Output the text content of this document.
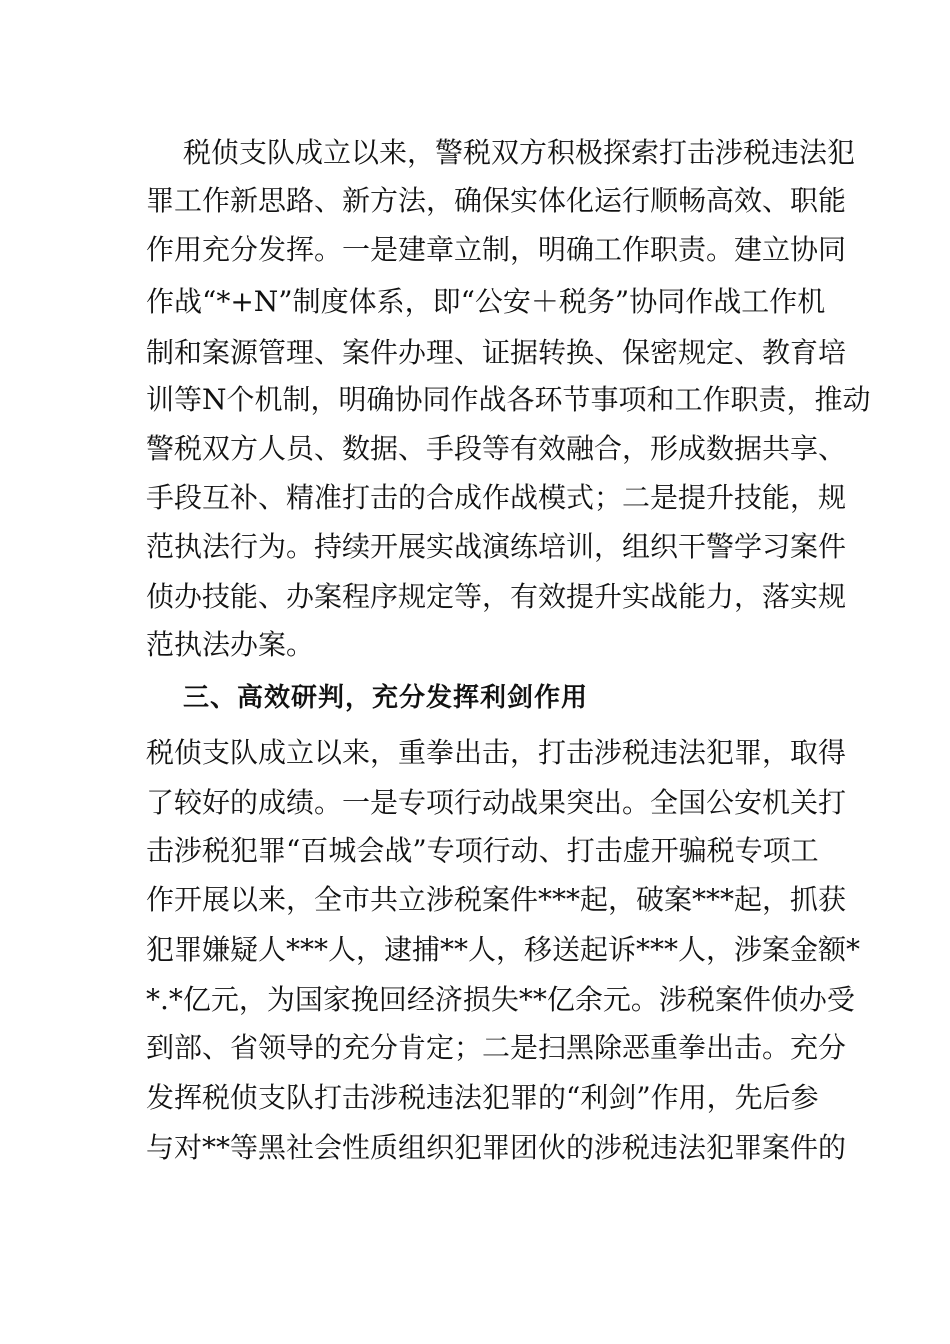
税侦支队成立以来，警税双方积极探索打击涉税违法犯
罪工作新思路、新方法，确保实体化运行顺畅高效、职能
作用充分发挥。一是建章立制，明确工作职责。建立协同
作战“*+N”制度体系，即“公安＋税务”协同作战工作机
制和案源管理、案件办理、证据转换、保密规定、教育培
训等N个机制，明确协同作战各环节事项和工作职责，推动
警税双方人员、数据、手段等有效融合，形成数据共享、
手段互补、精准打击的合成作战模式；二是提升技能，规
范执法行为。持续开展实战演练培训，组织干警学习案件
侦办技能、办案程序规定等，有效提升实战能力，落实规
范执法办案。
三、高效研判，充分发挥利剑作用
税侦支队成立以来，重拳出击，打击涉税违法犯罪，取得
了较好的成绩。一是专项行动战果突出。全国公安机关打
击涉税犯罪“百城会战”专项行动、打击虚开骗税专项工
作开展以来，全市共立涉税案件***起，破案***起，抓获
犯罪嫌疑人***人，逮捕**人，移送起诉***人，涉案金额*
*.*亿元，为国家挽回经济损失**亿余元。涉税案件侦办受
到部、省领导的充分肯定；二是扫黑除恶重拳出击。充分
发挥税侦支队打击涉税违法犯罪的“利剑”作用，先后参
与对**等黑社会性质组织犯罪团伙的涉税违法犯罪案件的
